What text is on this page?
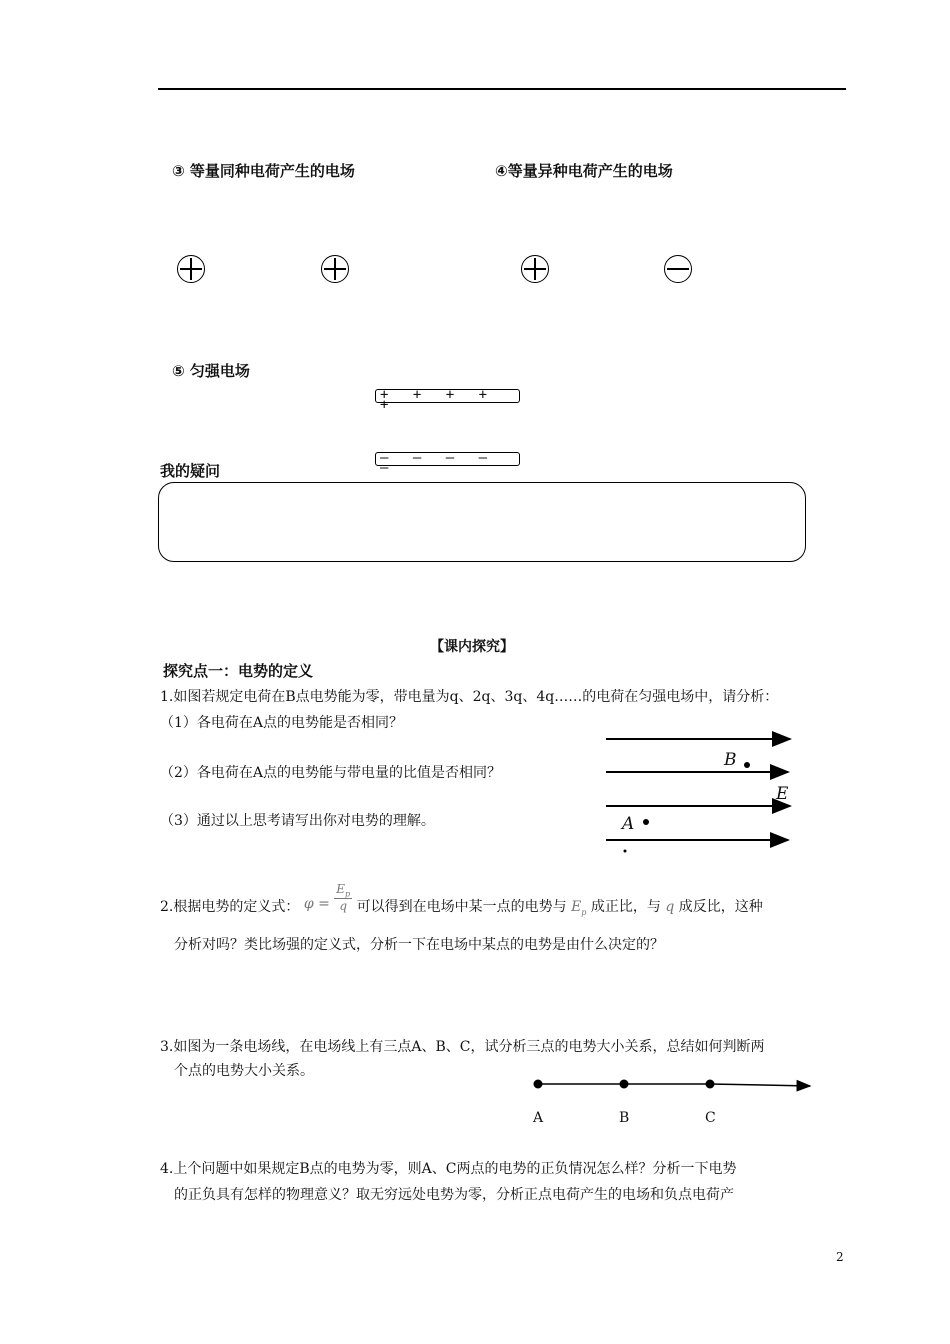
③ 等量同种电荷产生的电场	④等量异种电荷产生的电场
⑤ 匀强电场
+ + + + +
— — — — —
我的疑问
【课内探究】
探究点一：电势的定义
1.如图若规定电荷在B点电势能为零，带电量为q、2q、3q、4q……的电荷在匀强电场中，请分析：
（1）各电荷在A点的电势能是否相同？
（2）各电荷在A点的电势能与带电量的比值是否相同？
（3）通过以上思考请写出你对电势的理解。
B
E
A
2.根据电势的定义式： $\varphi = \frac{E_p}{q}$ 可以得到在电场中某一点的电势与 $E_p$ 成正比，与 q 成反比，这种
分析对吗？类比场强的定义式，分析一下在电场中某点的电势是由什么决定的？
3.如图为一条电场线，在电场线上有三点A、B、C，试分析三点的电势大小关系，总结如何判断两
个点的电势大小关系。
A	B	C
4.上个问题中如果规定B点的电势为零，则A、C两点的电势的正负情况怎么样？分析一下电势
的正负具有怎样的物理意义？取无穷远处电势为零，分析正点电荷产生的电场和负点电荷产
2
